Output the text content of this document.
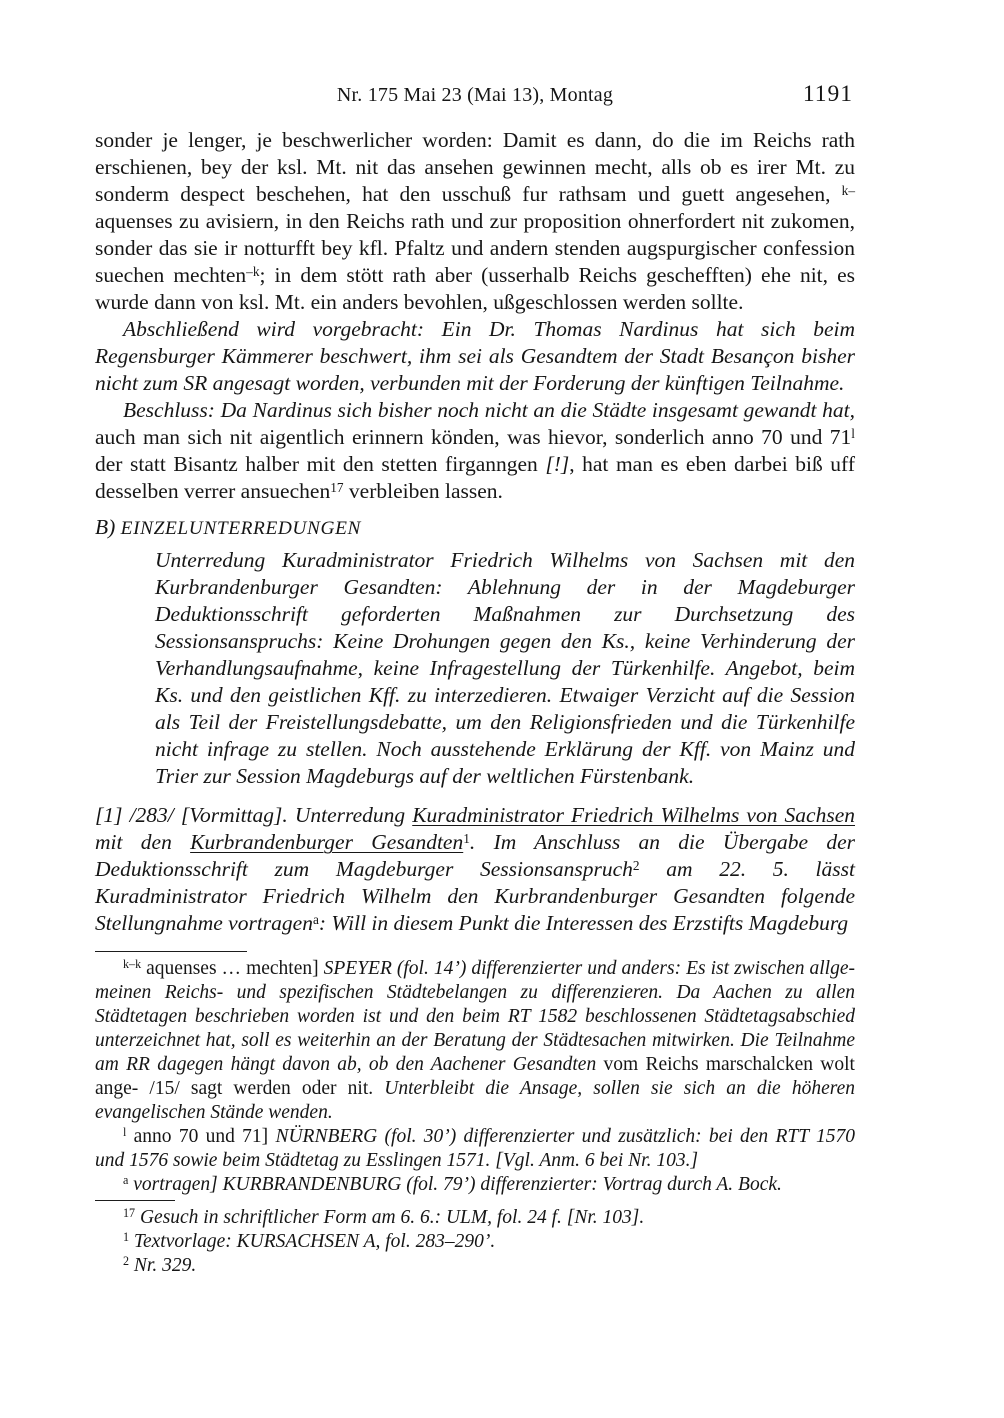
Nr. 175 Mai 23 (Mai 13), Montag	1191

sonder je lenger, je beschwerlicher worden: Damit es dann, do die im Reichs rath erschienen, bey der ksl. Mt. nit das ansehen gewinnen mecht, alls ob es irer Mt. zu sonderm despect beschehen, hat den usschuß fur rathsam und guett angesehen, $^{k-}$aquenses zu avisiern, in den Reichs rath und zur proposition ohnerfordert nit zukomen, sonder das sie ir notturfft bey kfl. Pfaltz und andern stenden augspurgischer confession suechen mechten$^{-k}$; in dem stött rath aber (usserhalb Reichs geschefften) ehe nit, es wurde dann von ksl. Mt. ein anders bevohlen, ußgeschlossen werden sollte.

Abschließend wird vorgebracht: Ein Dr. Thomas Nardinus hat sich beim Regensburger Kämmerer beschwert, ihm sei als Gesandtem der Stadt Besançon bisher nicht zum SR angesagt worden, verbunden mit der Forderung der künftigen Teilnahme.

Beschluss: Da Nardinus sich bisher noch nicht an die Städte insgesamt gewandt hat, auch man sich nit aigentlich erinnern könden, was hievor, sonderlich anno 70 und 71$^l$ der statt Bisantz halber mit den stetten firganngen [!], hat man es eben darbei biß uff desselben verrer ansuechen$^{17}$ verbleiben lassen.

B) EINZELUNTERREDUNGEN

Unterredung Kuradministrator Friedrich Wilhelms von Sachsen mit den Kurbrandenburger Gesandten: Ablehnung der in der Magdeburger Deduktionsschrift geforderten Maßnahmen zur Durchsetzung des Sessionsanspruchs: Keine Drohungen gegen den Ks., keine Verhinderung der Verhandlungsaufnahme, keine Infragestellung der Türkenhilfe. Angebot, beim Ks. und den geistlichen Kff. zu interzedieren. Etwaiger Verzicht auf die Session als Teil der Freistellungsdebatte, um den Religionsfrieden und die Türkenhilfe nicht infrage zu stellen. Noch ausstehende Erklärung der Kff. von Mainz und Trier zur Session Magdeburgs auf der weltlichen Fürstenbank.

[1] /283/ [Vormittag]. Unterredung Kuradministrator Friedrich Wilhelms von Sachsen mit den Kurbrandenburger Gesandten$^1$. Im Anschluss an die Übergabe der Deduktionsschrift zum Magdeburger Sessionsanspruch$^2$ am 22. 5. lässt Kuradministrator Friedrich Wilhelm den Kurbrandenburger Gesandten folgende Stellungnahme vortragen$^a$: Will in diesem Punkt die Interessen des Erzstifts Magdeburg

$^{k-k}$ aquenses … mechten] SPEYER (fol. 14’) differenzierter und anders: Es ist zwischen allgemeinen Reichs- und spezifischen Städtebelangen zu differenzieren. Da Aachen zu allen Städtetagen beschrieben worden ist und den beim RT 1582 beschlossenen Städtetagsabschied unterzeichnet hat, soll es weiterhin an der Beratung der Städtesachen mitwirken. Die Teilnahme am RR dagegen hängt davon ab, ob den Aachener Gesandten vom Reichs marschalcken wolt ange- /15/ sagt werden oder nit. Unterbleibt die Ansage, sollen sie sich an die höheren evangelischen Stände wenden.

$^l$ anno 70 und 71] NÜRNBERG (fol. 30’) differenzierter und zusätzlich: bei den RTT 1570 und 1576 sowie beim Städtetag zu Esslingen 1571. [Vgl. Anm. 6 bei Nr. 103.]

$^a$ vortragen] KURBRANDENBURG (fol. 79’) differenzierter: Vortrag durch A. Bock.

$^{17}$ Gesuch in schriftlicher Form am 6. 6.: ULM, fol. 24 f. [Nr. 103].

$^1$ Textvorlage: KURSACHSEN A, fol. 283–290’.

$^2$ Nr. 329.
